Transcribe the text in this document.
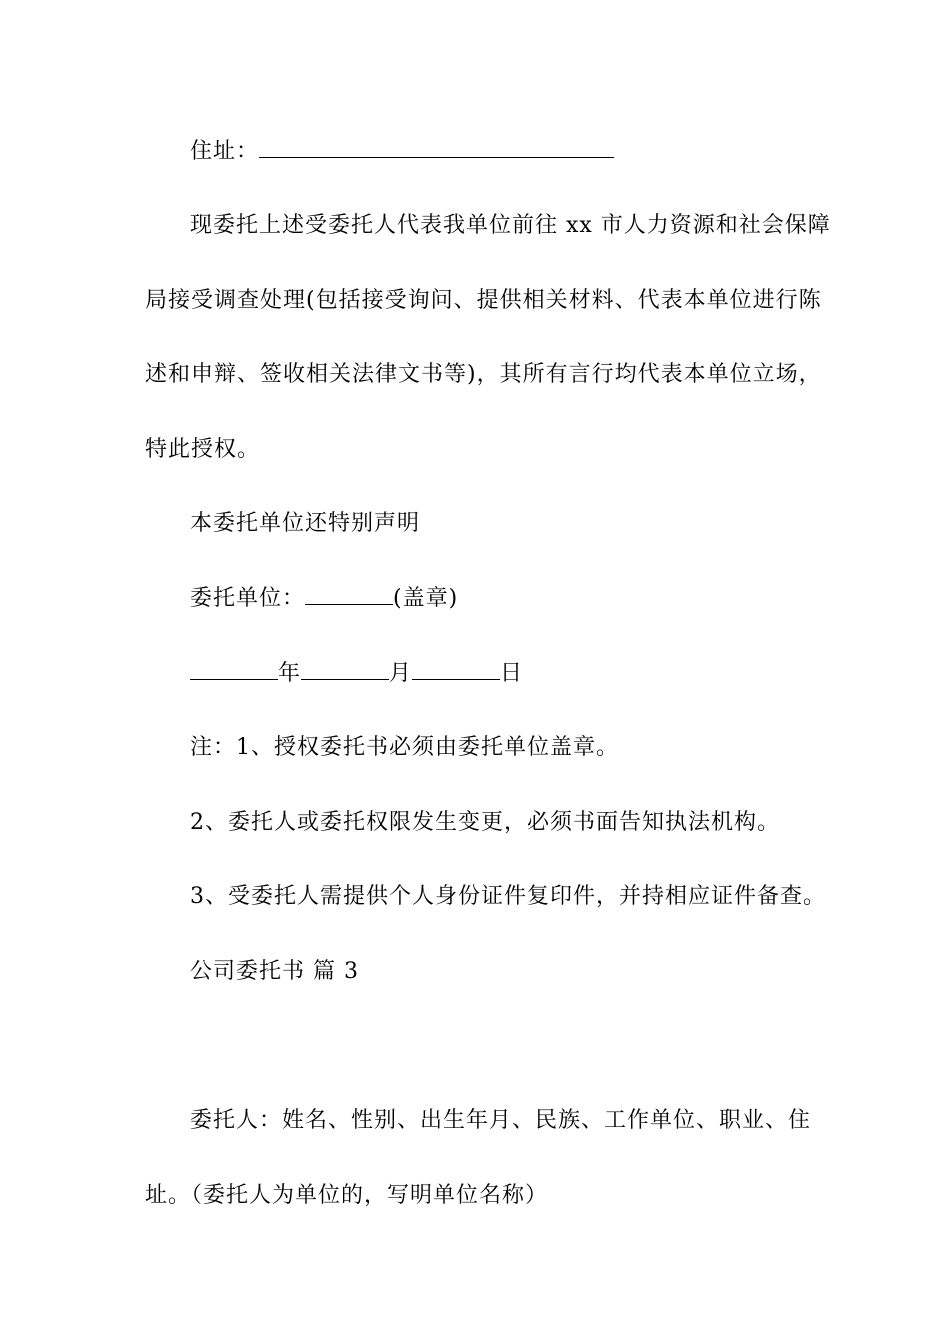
住址：
现委托上述受委托人代表我单位前往 xx 市人力资源和社会保障
局接受调查处理(包括接受询问、提供相关材料、代表本单位进行陈
述和申辩、签收相关法律文书等)，其所有言行均代表本单位立场，
特此授权。
本委托单位还特别声明
委托单位：	(盖章)
年	月	日
注：1、授权委托书必须由委托单位盖章。
2、委托人或委托权限发生变更，必须书面告知执法机构。
3、受委托人需提供个人身份证件复印件，并持相应证件备查。
公司委托书 篇 3
委托人：姓名、性别、出生年月、民族、工作单位、职业、住
址。（委托人为单位的，写明单位名称）
